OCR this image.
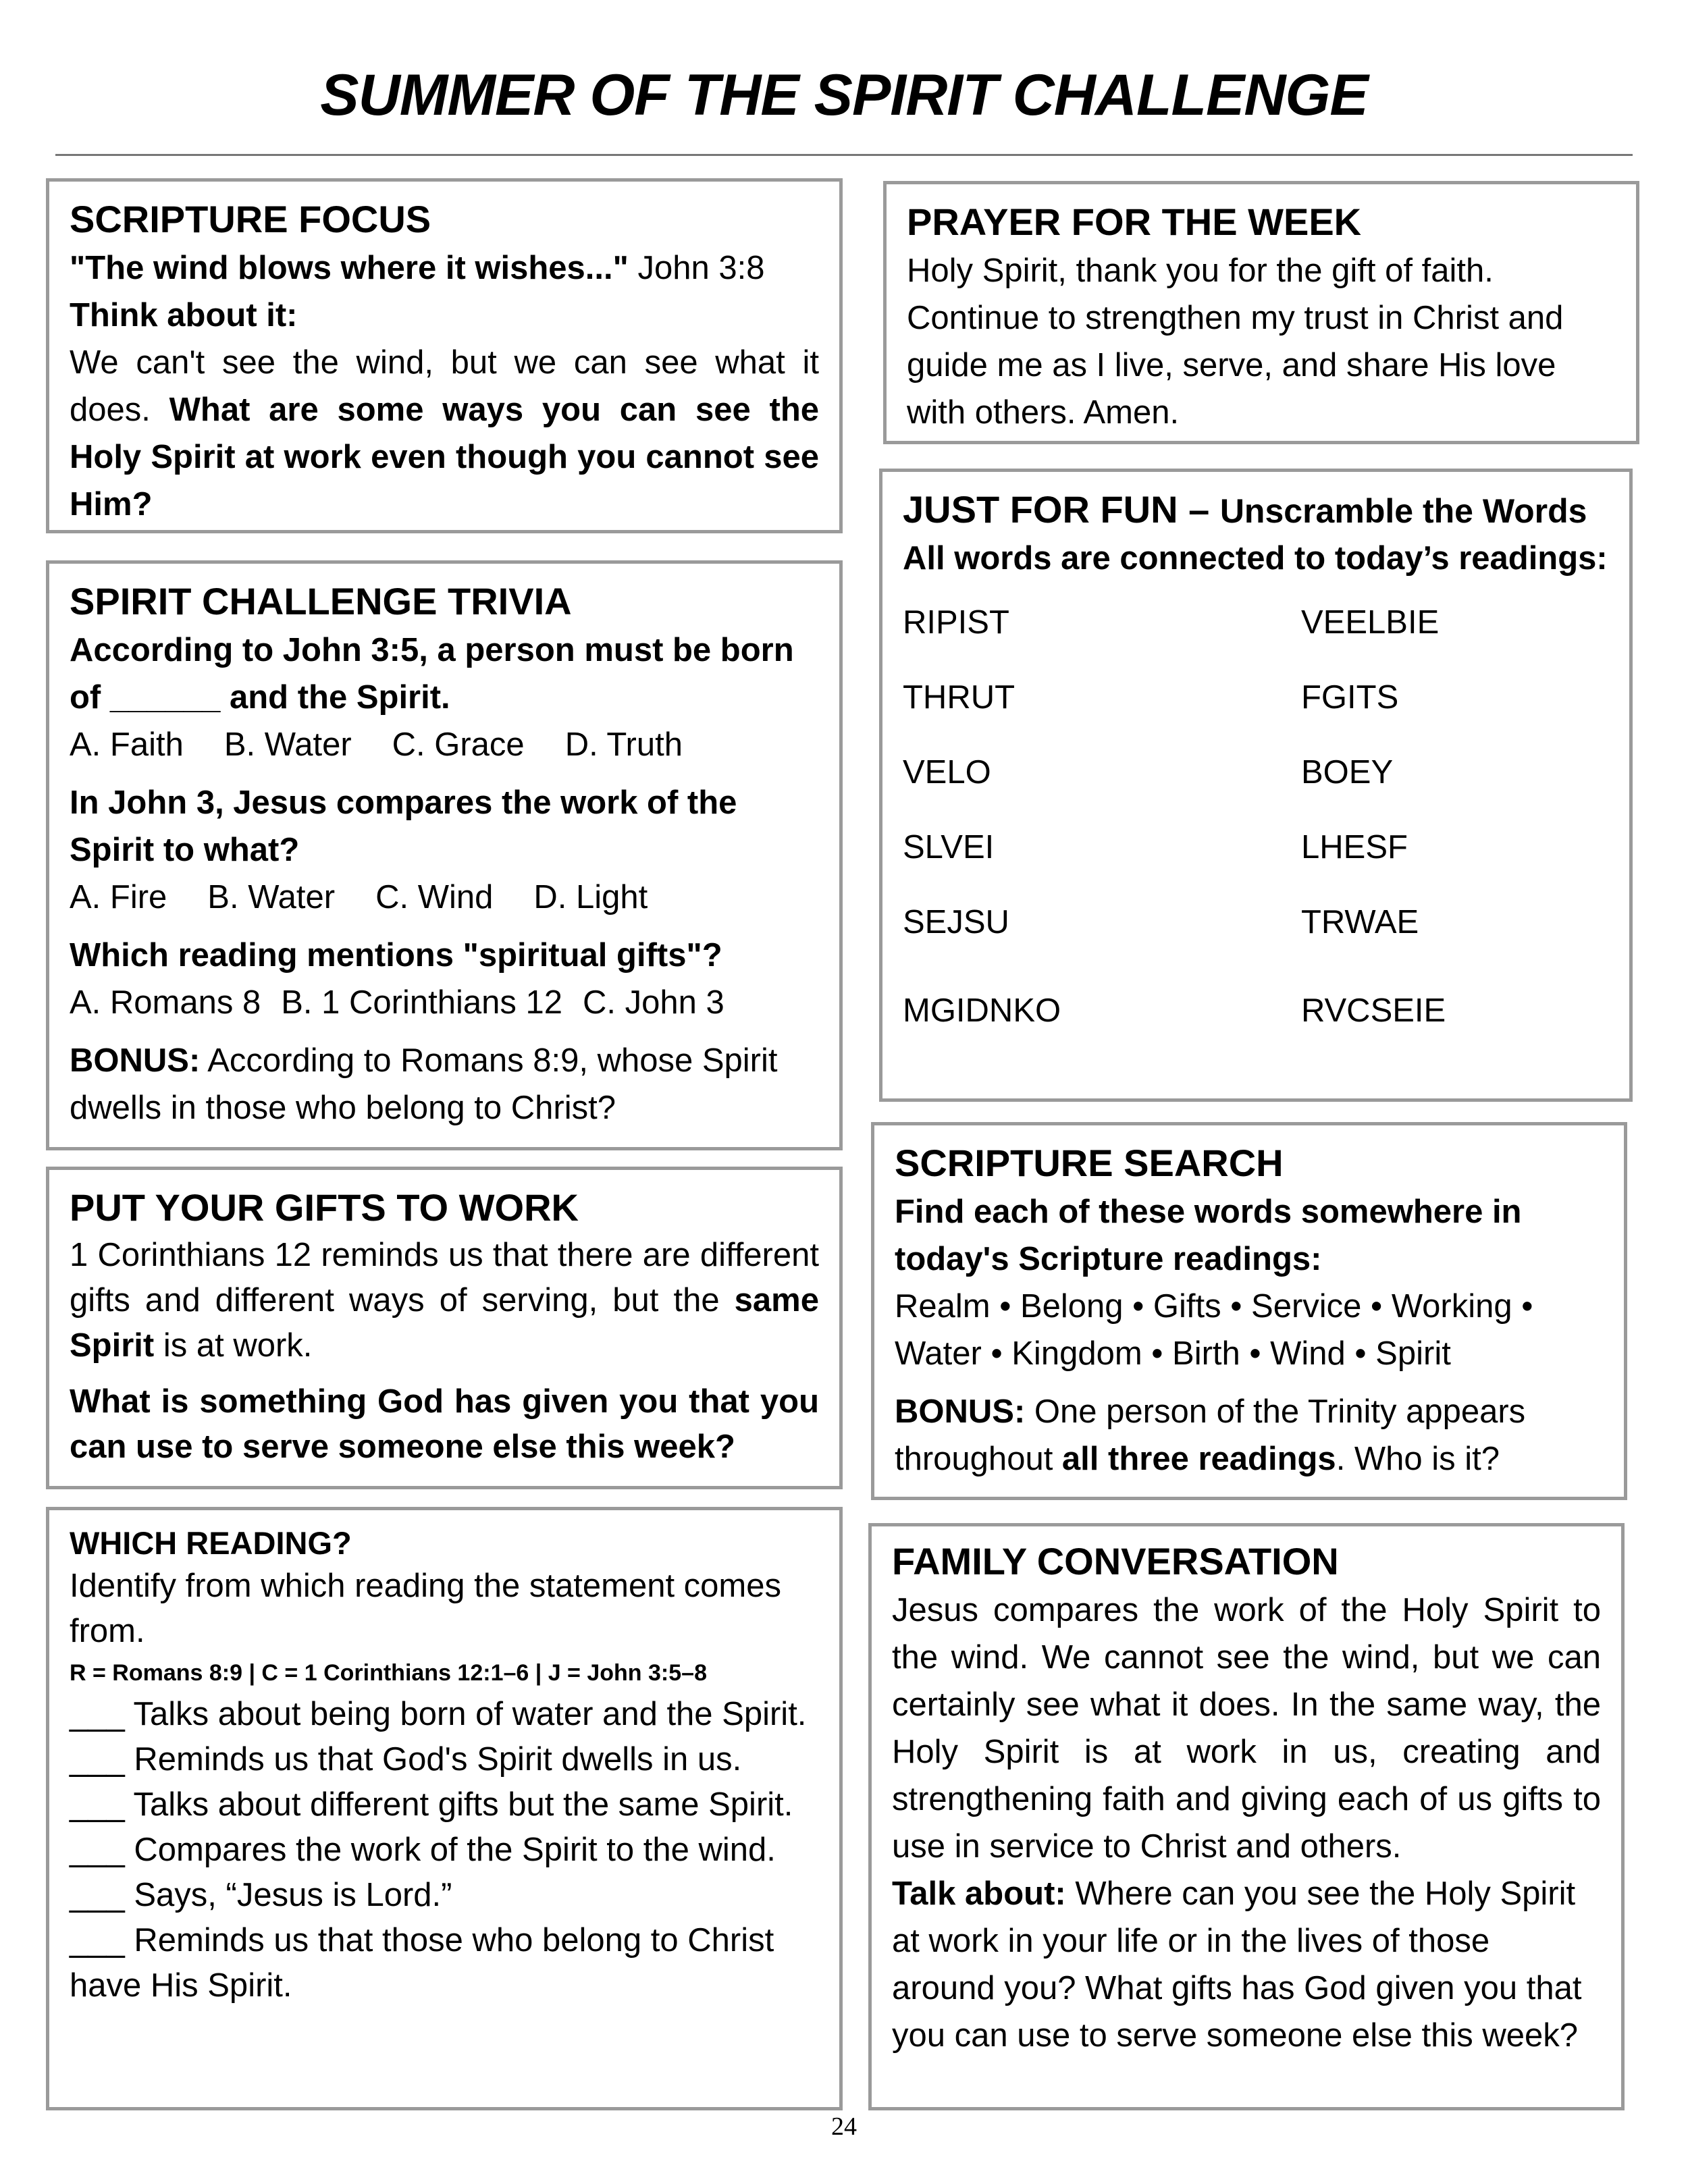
SUMMER OF THE SPIRIT CHALLENGE
SCRIPTURE FOCUS
"The wind blows where it wishes..." John 3:8
Think about it:
We can't see the wind, but we can see what it does. What are some ways you can see the Holy Spirit at work even though you cannot see Him?
PRAYER FOR THE WEEK
Holy Spirit, thank you for the gift of faith. Continue to strengthen my trust in Christ and guide me as I live, serve, and share His love with others. Amen.
SPIRIT CHALLENGE TRIVIA
According to John 3:5, a person must be born of ______ and the Spirit.
A. Faith B. Water C. Grace D. Truth
In John 3, Jesus compares the work of the Spirit to what?
A. Fire B. Water C. Wind D. Light
Which reading mentions "spiritual gifts"?
A. Romans 8 B. 1 Corinthians 12 C. John 3
BONUS: According to Romans 8:9, whose Spirit dwells in those who belong to Christ?
JUST FOR FUN – Unscramble the Words
All words are connected to today’s readings:
RIPIST	VEELBIE
THRUT	FGITS
VELO	BOEY
SLVEI	LHESF
SEJSU	TRWAE
MGIDNKO	RVCSEIE
PUT YOUR GIFTS TO WORK
1 Corinthians 12 reminds us that there are different gifts and different ways of serving, but the same Spirit is at work.
What is something God has given you that you can use to serve someone else this week?
SCRIPTURE SEARCH
Find each of these words somewhere in today's Scripture readings:
Realm • Belong • Gifts • Service • Working • Water • Kingdom • Birth • Wind • Spirit
BONUS: One person of the Trinity appears throughout all three readings. Who is it?
WHICH READING?
Identify from which reading the statement comes from.
R = Romans 8:9 | C = 1 Corinthians 12:1–6 | J = John 3:5–8
___ Talks about being born of water and the Spirit.
___ Reminds us that God's Spirit dwells in us.
___ Talks about different gifts but the same Spirit.
___ Compares the work of the Spirit to the wind.
___ Says, “Jesus is Lord.”
___ Reminds us that those who belong to Christ have His Spirit.
FAMILY CONVERSATION
Jesus compares the work of the Holy Spirit to the wind. We cannot see the wind, but we can certainly see what it does. In the same way, the Holy Spirit is at work in us, creating and strengthening faith and giving each of us gifts to use in service to Christ and others.
Talk about: Where can you see the Holy Spirit at work in your life or in the lives of those around you? What gifts has God given you that you can use to serve someone else this week?
24
